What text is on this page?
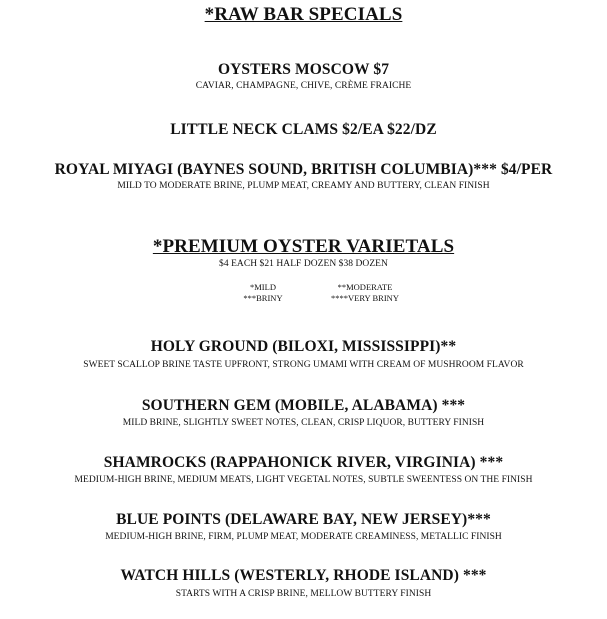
*RAW BAR SPECIALS
OYSTERS MOSCOW $7
CAVIAR, CHAMPAGNE, CHIVE, CRÈME FRAICHE
LITTLE NECK CLAMS $2/EA $22/DZ
ROYAL MIYAGI (BAYNES SOUND, BRITISH COLUMBIA)*** $4/PER
MILD TO MODERATE BRINE, PLUMP MEAT, CREAMY AND BUTTERY, CLEAN FINISH
*PREMIUM OYSTER VARIETALS
$4 EACH $21 HALF DOZEN $38 DOZEN
*MILD	**MODERATE
***BRINY	****VERY BRINY
HOLY GROUND (BILOXI, MISSISSIPPI)**
SWEET SCALLOP BRINE TASTE UPFRONT, STRONG UMAMI WITH CREAM OF MUSHROOM FLAVOR
SOUTHERN GEM (MOBILE, ALABAMA) ***
MILD BRINE, SLIGHTLY SWEET NOTES, CLEAN, CRISP LIQUOR, BUTTERY FINISH
SHAMROCKS (RAPPAHONICK RIVER, VIRGINIA) ***
MEDIUM-HIGH BRINE, MEDIUM MEATS, LIGHT VEGETAL NOTES, SUBTLE SWEENTESS ON THE FINISH
BLUE POINTS (DELAWARE BAY, NEW JERSEY)***
MEDIUM-HIGH BRINE, FIRM, PLUMP MEAT, MODERATE CREAMINESS, METALLIC FINISH
WATCH HILLS (WESTERLY, RHODE ISLAND) ***
STARTS WITH A CRISP BRINE, MELLOW BUTTERY FINISH
